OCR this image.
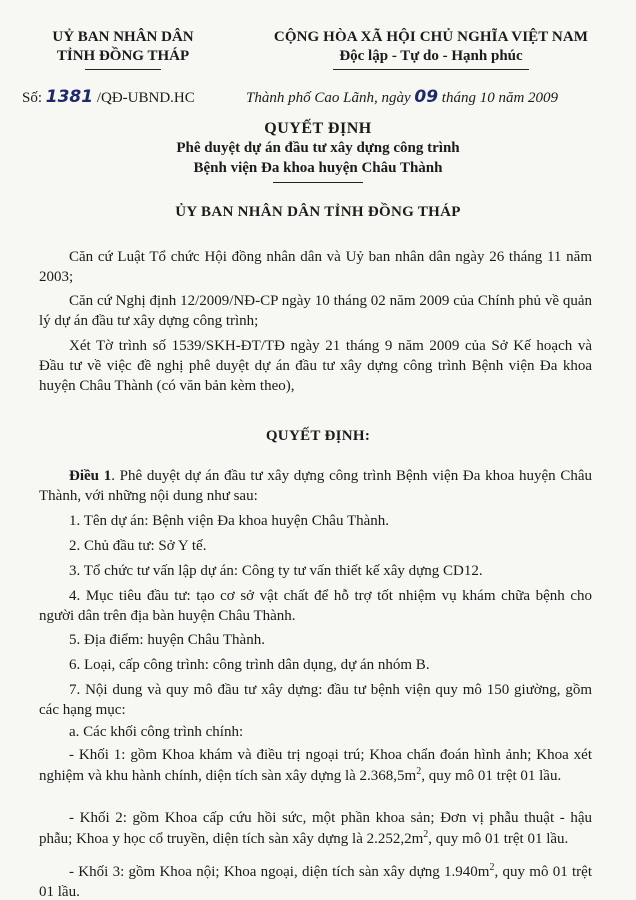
UỶ BAN NHÂN DÂN
TỈNH ĐỒNG THÁP
CỘNG HÒA XÃ HỘI CHỦ NGHĨA VIỆT NAM
Độc lập - Tự do - Hạnh phúc
Số: 1381 /QĐ-UBND.HC	Thành phố Cao Lãnh, ngày 09 tháng 10 năm 2009
QUYẾT ĐỊNH
Phê duyệt dự án đầu tư xây dựng công trình
Bệnh viện Đa khoa huyện Châu Thành
ỦY BAN NHÂN DÂN TỈNH ĐỒNG THÁP
Căn cứ Luật Tổ chức Hội đồng nhân dân và Uỷ ban nhân dân ngày 26 tháng 11 năm 2003;
Căn cứ Nghị định 12/2009/NĐ-CP ngày 10 tháng 02 năm 2009 của Chính phủ về quản lý dự án đầu tư xây dựng công trình;
Xét Tờ trình số 1539/SKH-ĐT/TĐ ngày 21 tháng 9 năm 2009 của Sở Kế hoạch và Đầu tư về việc đề nghị phê duyệt dự án đầu tư xây dựng công trình Bệnh viện Đa khoa huyện Châu Thành (có văn bản kèm theo),
QUYẾT ĐỊNH:
Điều 1. Phê duyệt dự án đầu tư xây dựng công trình Bệnh viện Đa khoa huyện Châu Thành, với những nội dung như sau:
1. Tên dự án: Bệnh viện Đa khoa huyện Châu Thành.
2. Chủ đầu tư: Sở Y tế.
3. Tổ chức tư vấn lập dự án: Công ty tư vấn thiết kế xây dựng CD12.
4. Mục tiêu đầu tư: tạo cơ sở vật chất để hỗ trợ tốt nhiệm vụ khám chữa bệnh cho người dân trên địa bàn huyện Châu Thành.
5. Địa điểm: huyện Châu Thành.
6. Loại, cấp công trình: công trình dân dụng, dự án nhóm B.
7. Nội dung và quy mô đầu tư xây dựng: đầu tư bệnh viện quy mô 150 giường, gồm các hạng mục:
a. Các khối công trình chính:
- Khối 1: gồm Khoa khám và điều trị ngoại trú; Khoa chẩn đoán hình ảnh; Khoa xét nghiệm và khu hành chính, diện tích sàn xây dựng là $2.368,5m^2$, quy mô 01 trệt 01 lầu.
- Khối 2: gồm Khoa cấp cứu hồi sức, một phần khoa sản; Đơn vị phẫu thuật - hậu phẫu; Khoa y học cổ truyền, diện tích sàn xây dựng là $2.252,2m^2$, quy mô 01 trệt 01 lầu.
- Khối 3: gồm Khoa nội; Khoa ngoại, diện tích sàn xây dựng $1.940m^2$, quy mô 01 trệt 01 lầu.
